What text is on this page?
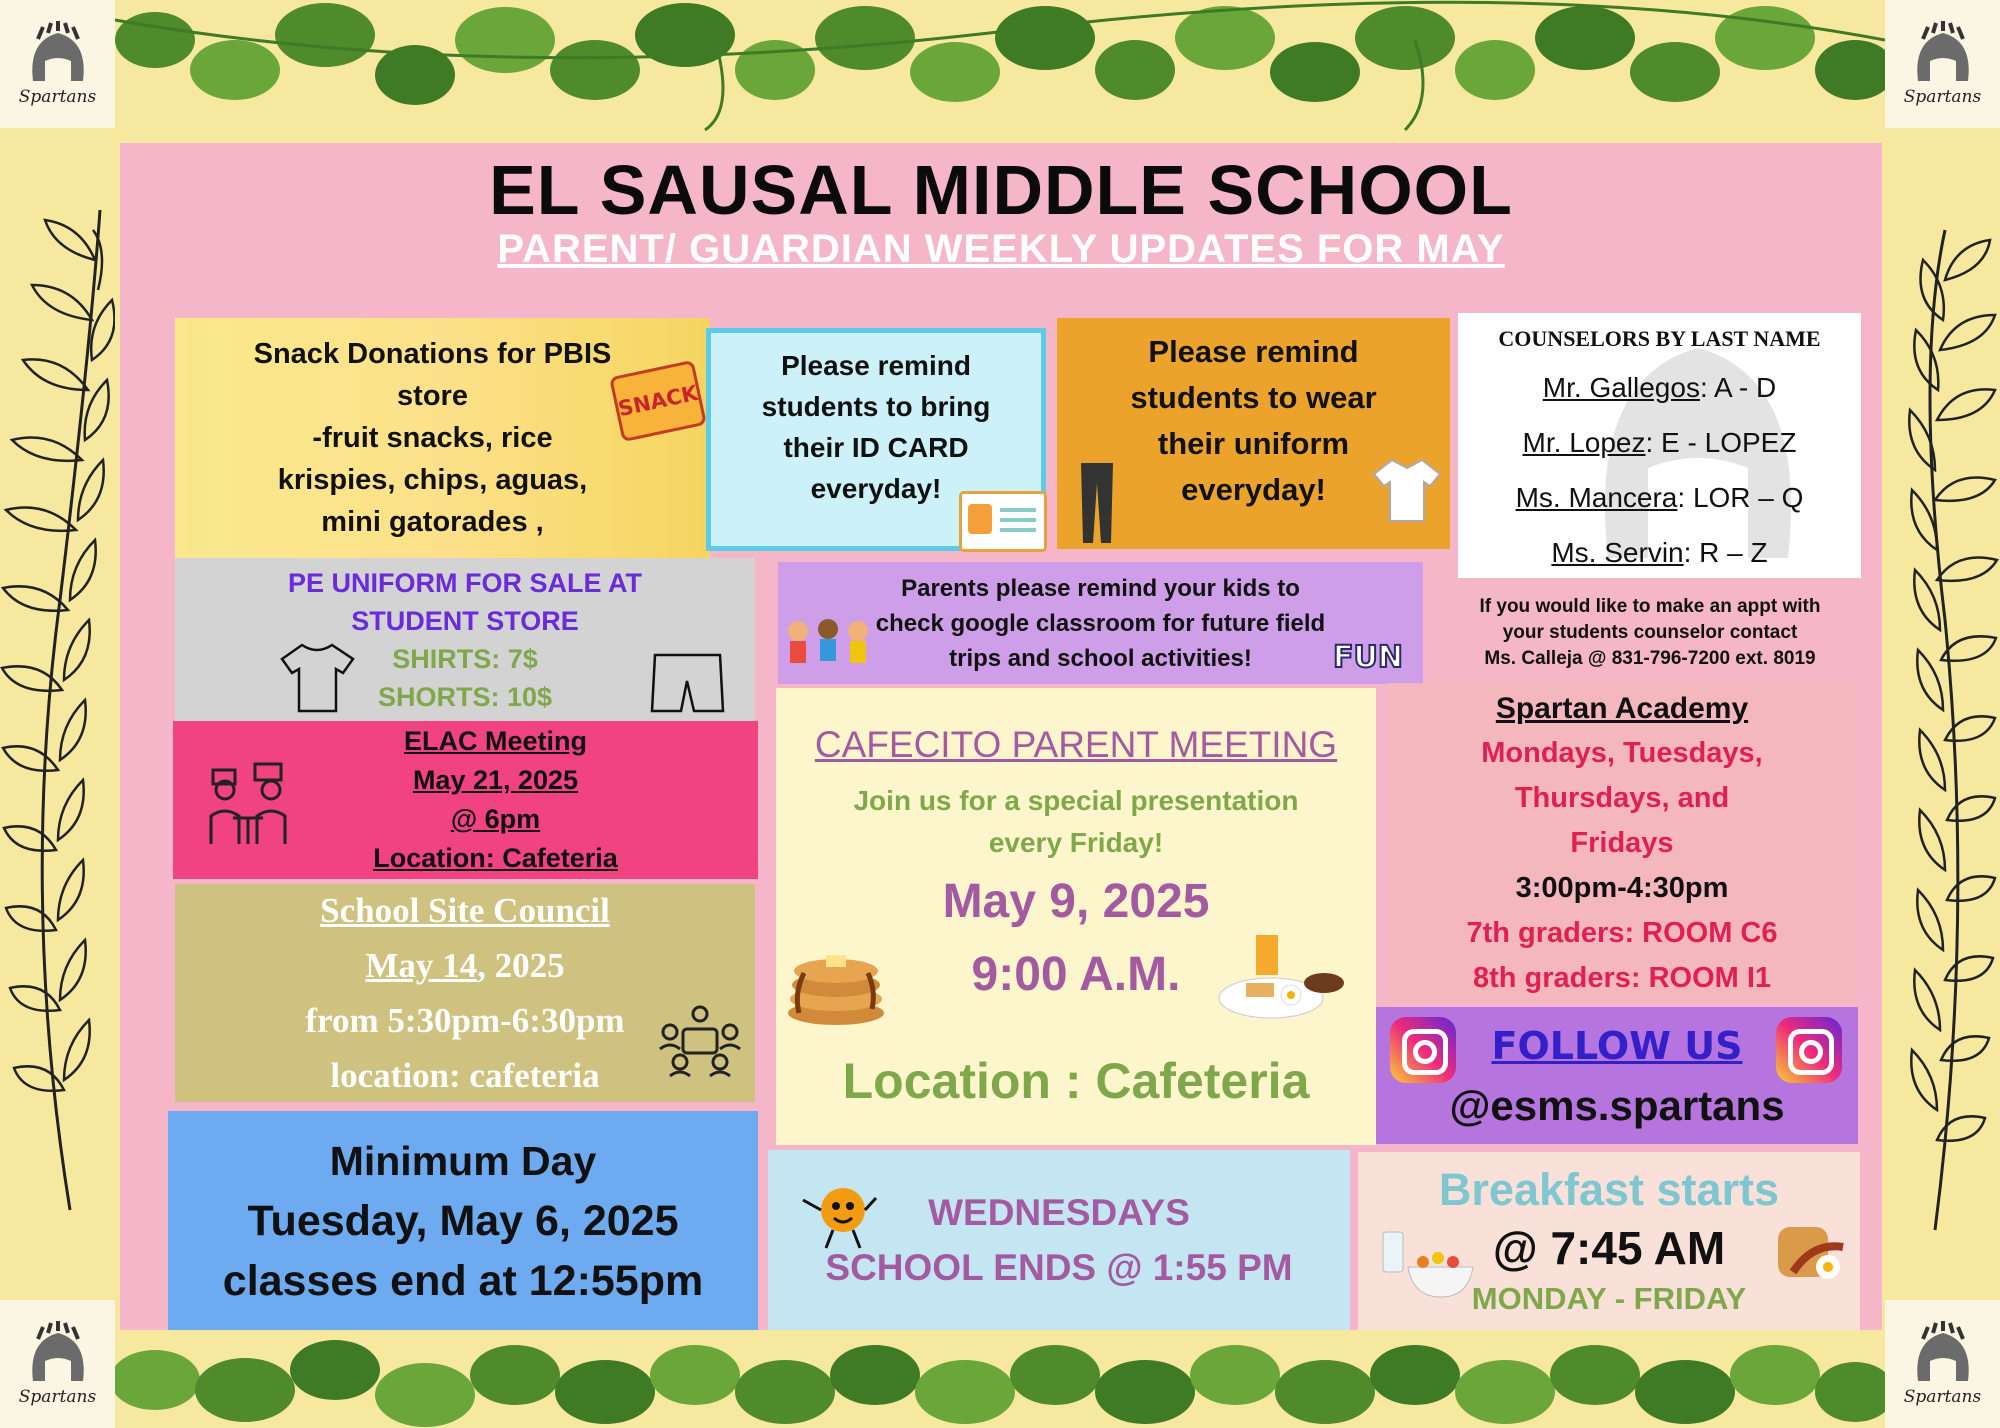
Spartans	Spartans
Spartans	Spartans
EL SAUSAL MIDDLE SCHOOL
PARENT/ GUARDIAN WEEKLY UPDATES FOR MAY
Snack Donations for PBIS
store
-fruit snacks, rice
krispies, chips, aguas,
mini gatorades ,
SNACK
Please remind
students to bring
their ID CARD
everyday!
Please remind
students to wear
their uniform
everyday!
COUNSELORS BY LAST NAME
Mr. Gallegos: A - D
Mr. Lopez: E - LOPEZ
Ms. Mancera: LOR – Q
Ms. Servin: R – Z
If you would like to make an appt with
your students counselor contact
Ms. Calleja @ 831-796-7200 ext. 8019
PE UNIFORM FOR SALE AT
STUDENT STORE
SHIRTS: 7$
SHORTS: 10$
Parents please remind your kids to
check google classroom for future field
trips and school activities!	FUN
ELAC Meeting
May 21, 2025
@ 6pm
Location: Cafeteria
CAFECITO PARENT MEETING
Join us for a special presentation
every Friday!
May 9, 2025
9:00 A.M.
Location : Cafeteria
Spartan Academy
Mondays, Tuesdays,
Thursdays, and
Fridays
3:00pm-4:30pm
7th graders: ROOM C6
8th graders: ROOM I1
School Site Council
May 14, 2025
from 5:30pm-6:30pm
location: cafeteria
FOLLOW US
@esms.spartans
Minimum Day
Tuesday, May 6, 2025
classes end at 12:55pm
WEDNESDAYS
SCHOOL ENDS @ 1:55 PM
Breakfast starts
@ 7:45 AM
MONDAY - FRIDAY
